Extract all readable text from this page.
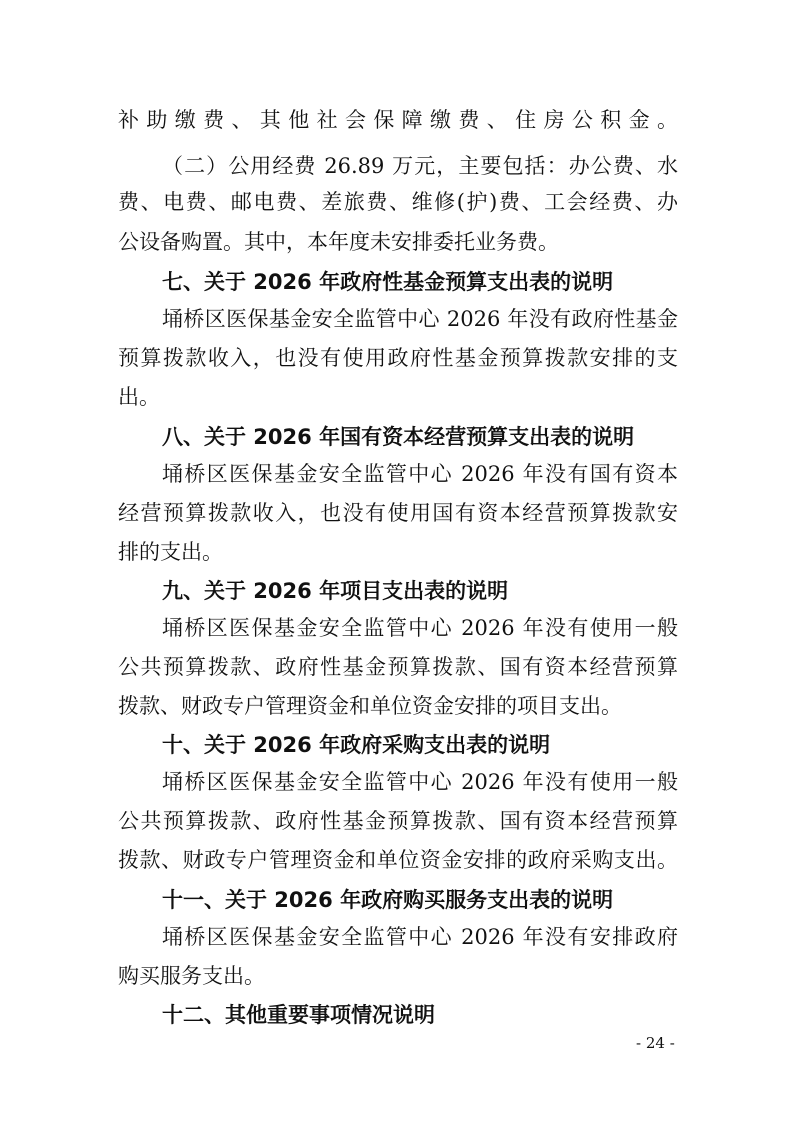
补助缴费、其他社会保障缴费、住房公积金。
（二）公用经费 26.89 万元，主要包括：办公费、水
费、电费、邮电费、差旅费、维修(护)费、工会经费、办
公设备购置。其中，本年度未安排委托业务费。
七、关于 2026 年政府性基金预算支出表的说明
埇桥区医保基金安全监管中心 2026 年没有政府性基金
预算拨款收入，也没有使用政府性基金预算拨款安排的支
出。
八、关于 2026 年国有资本经营预算支出表的说明
埇桥区医保基金安全监管中心 2026 年没有国有资本
经营预算拨款收入，也没有使用国有资本经营预算拨款安
排的支出。
九、关于 2026 年项目支出表的说明
埇桥区医保基金安全监管中心 2026 年没有使用一般
公共预算拨款、政府性基金预算拨款、国有资本经营预算
拨款、财政专户管理资金和单位资金安排的项目支出。
十、关于 2026 年政府采购支出表的说明
埇桥区医保基金安全监管中心 2026 年没有使用一般
公共预算拨款、政府性基金预算拨款、国有资本经营预算
拨款、财政专户管理资金和单位资金安排的政府采购支出。
十一、关于 2026 年政府购买服务支出表的说明
埇桥区医保基金安全监管中心 2026 年没有安排政府
购买服务支出。
十二、其他重要事项情况说明
- 24 -
